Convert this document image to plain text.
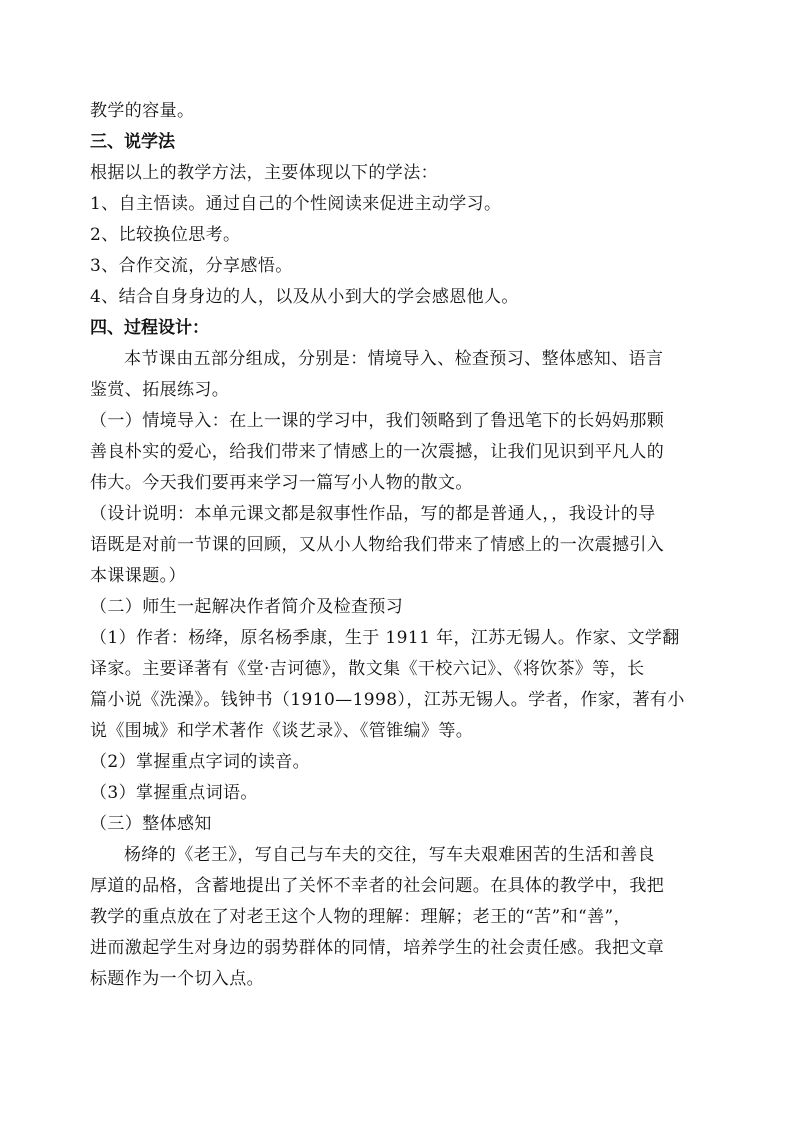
教学的容量。
三、说学法
根据以上的教学方法，主要体现以下的学法：
1、自主悟读。通过自己的个性阅读来促进主动学习。
2、比较换位思考。
3、合作交流，分享感悟。
4、结合自身身边的人，以及从小到大的学会感恩他人。
四、过程设计：
本节课由五部分组成，分别是：情境导入、检查预习、整体感知、语言
鉴赏、拓展练习。
（一）情境导入：在上一课的学习中，我们领略到了鲁迅笔下的长妈妈那颗
善良朴实的爱心，给我们带来了情感上的一次震撼，让我们见识到平凡人的
伟大。今天我们要再来学习一篇写小人物的散文。
（设计说明：本单元课文都是叙事性作品，写的都是普通人，，我设计的导
语既是对前一节课的回顾，又从小人物给我们带来了情感上的一次震撼引入
本课课题。）
（二）师生一起解决作者简介及检查预习
（1）作者：杨绛，原名杨季康，生于 1911 年，江苏无锡人。作家、文学翻
译家。主要译著有《堂·吉诃德》，散文集《干校六记》、《将饮茶》等，长
篇小说《洗澡》。钱钟书（1910—1998），江苏无锡人。学者，作家，著有小
说《围城》和学术著作《谈艺录》、《管锥编》等。
（2）掌握重点字词的读音。
（3）掌握重点词语。
（三）整体感知
杨绛的《老王》，写自己与车夫的交往，写车夫艰难困苦的生活和善良
厚道的品格，含蓄地提出了关怀不幸者的社会问题。在具体的教学中，我把
教学的重点放在了对老王这个人物的理解：理解；老王的“苦”和“善”，
进而激起学生对身边的弱势群体的同情，培养学生的社会责任感。我把文章
标题作为一个切入点。
